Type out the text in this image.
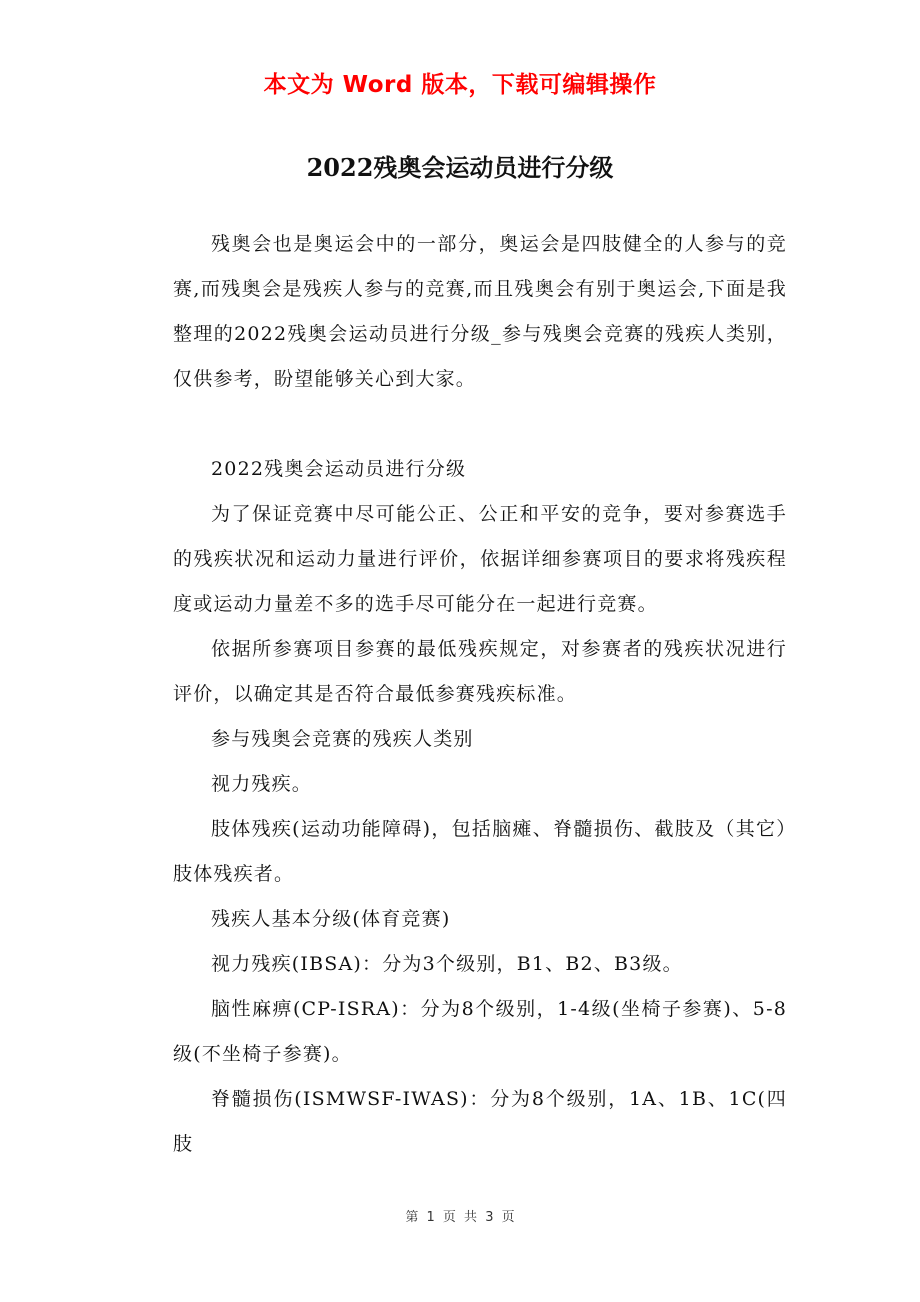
本文为 Word 版本，下载可编辑操作
2022残奥会运动员进行分级

残奥会也是奥运会中的一部分，奥运会是四肢健全的人参与的竞赛,而残奥会是残疾人参与的竞赛,而且残奥会有别于奥运会,下面是我整理的2022残奥会运动员进行分级_参与残奥会竞赛的残疾人类别，仅供参考，盼望能够关心到大家。

2022残奥会运动员进行分级

为了保证竞赛中尽可能公正、公正和平安的竞争，要对参赛选手的残疾状况和运动力量进行评价，依据详细参赛项目的要求将残疾程度或运动力量差不多的选手尽可能分在一起进行竞赛。

依据所参赛项目参赛的最低残疾规定，对参赛者的残疾状况进行评价，以确定其是否符合最低参赛残疾标准。

参与残奥会竞赛的残疾人类别

视力残疾。

肢体残疾(运动功能障碍)，包括脑瘫、脊髓损伤、截肢及（其它）肢体残疾者。

残疾人基本分级(体育竞赛)

视力残疾(IBSA)：分为3个级别，B1、B2、B3级。

脑性麻痹(CP-ISRA)：分为8个级别，1-4级(坐椅子参赛)、5-8级(不坐椅子参赛)。

脊髓损伤(ISMWSF-IWAS)：分为8个级别，1A、1B、1C(四肢

第 1 页 共 3 页
